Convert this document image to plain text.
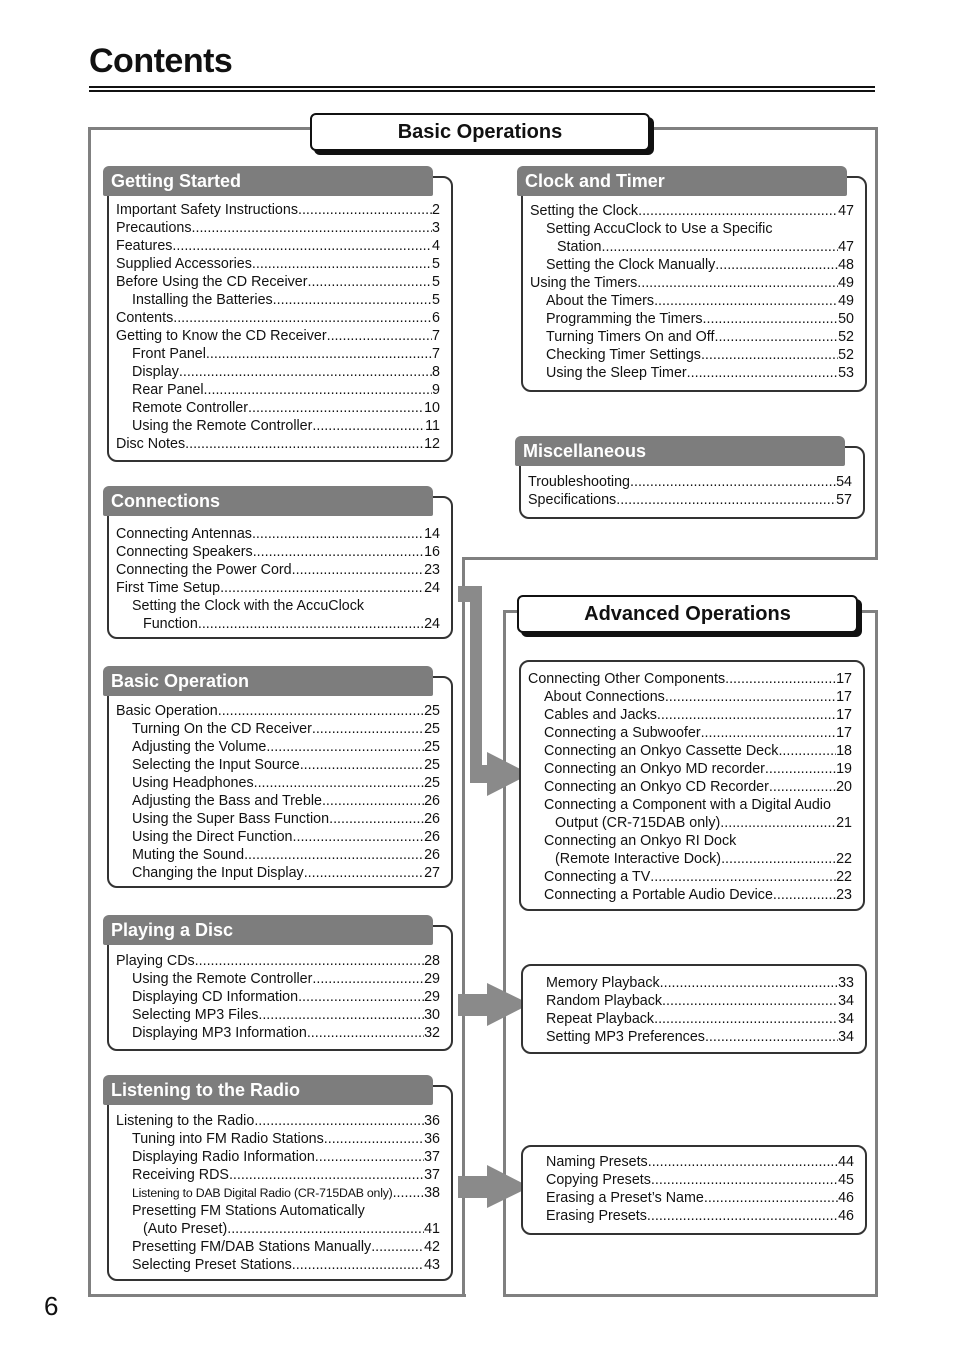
Contents
Basic Operations
Advanced Operations
Getting Started
Important Safety Instructions .....	2
Precautions .....	3
Features .....	4
Supplied Accessories .....	5
Before Using the CD Receiver .....	5
Installing the Batteries .....	5
Contents .....	6
Getting to Know the CD Receiver .....	7
Front Panel .....	7
Display .....	8
Rear Panel .....	9
Remote Controller .....	10
Using the Remote Controller .....	11
Disc Notes .....	12
Connections
Connecting Antennas .....	14
Connecting Speakers .....	16
Connecting the Power Cord .....	23
First Time Setup .....	24
Setting the Clock with the AccuClock
Function .....	24
Basic Operation
Basic Operation .....	25
Turning On the CD Receiver .....	25
Adjusting the Volume .....	25
Selecting the Input Source .....	25
Using Headphones .....	25
Adjusting the Bass and Treble .....	26
Using the Super Bass Function .....	26
Using the Direct Function .....	26
Muting the Sound .....	26
Changing the Input Display .....	27
Playing a Disc
Playing CDs .....	28
Using the Remote Controller .....	29
Displaying CD Information .....	29
Selecting MP3 Files .....	30
Displaying MP3 Information .....	32
Listening to the Radio
Listening to the Radio .....	36
Tuning into FM Radio Stations .....	36
Displaying Radio Information .....	37
Receiving RDS .....	37
Listening to DAB Digital Radio (CR-715DAB only) ..... 38
Presetting FM Stations Automatically
(Auto Preset) .....	41
Presetting FM/DAB Stations Manually .....	42
Selecting Preset Stations .....	43
Clock and Timer
Setting the Clock .....	47
Setting AccuClock to Use a Specific
Station .....	47
Setting the Clock Manually .....	48
Using the Timers .....	49
About the Timers .....	49
Programming the Timers .....	50
Turning Timers On and Off .....	52
Checking Timer Settings .....	52
Using the Sleep Timer .....	53
Miscellaneous
Troubleshooting .....	54
Specifications .....	57
Connecting Other Components .....	17
About Connections .....	17
Cables and Jacks .....	17
Connecting a Subwoofer .....	17
Connecting an Onkyo Cassette Deck .....	18
Connecting an Onkyo MD recorder .....	19
Connecting an Onkyo CD Recorder .....	20
Connecting a Component with a Digital Audio
Output (CR-715DAB only) .....	21
Connecting an Onkyo RI Dock
(Remote Interactive Dock) .....	22
Connecting a TV .....	22
Connecting a Portable Audio Device .....	23
Memory Playback .....	33
Random Playback .....	34
Repeat Playback .....	34
Setting MP3 Preferences .....	34
Naming Presets .....	44
Copying Presets .....	45
Erasing a Preset’s Name .....	46
Erasing Presets .....	46
6
